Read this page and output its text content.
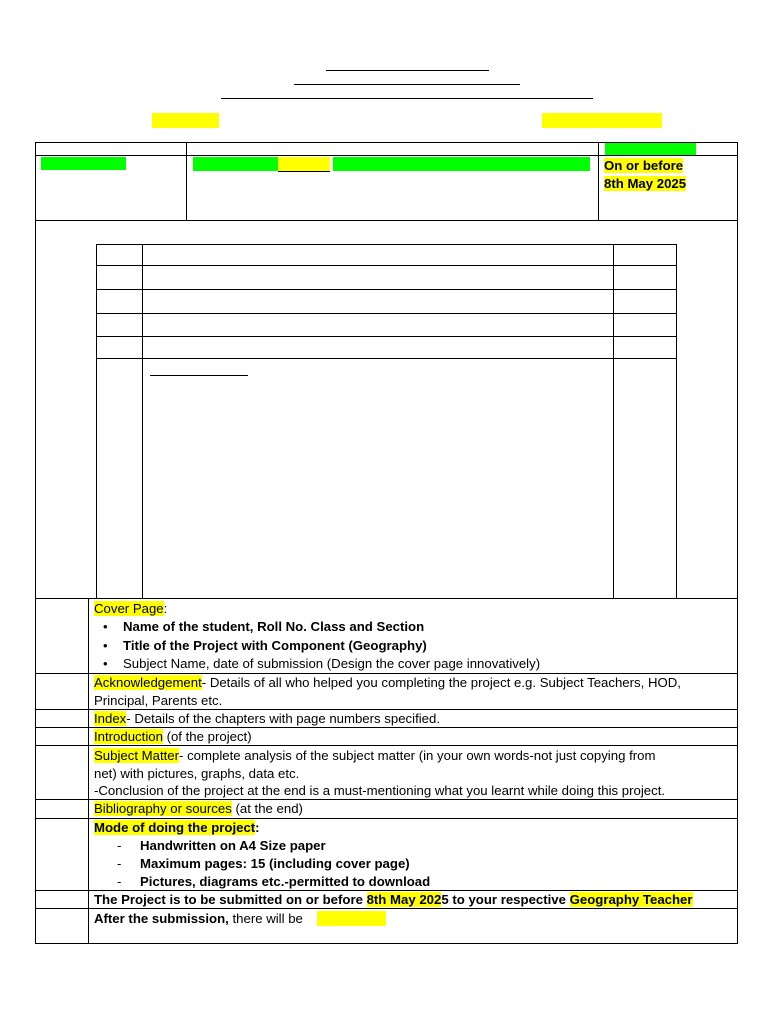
On or before
8th May 2025
Cover Page:
• Name of the student, Roll No. Class and Section
• Title of the Project with Component (Geography)
• Subject Name, date of submission (Design the cover page innovatively)
Acknowledgement- Details of all who helped you completing the project e.g. Subject Teachers, HOD,
Principal, Parents etc.
Index- Details of the chapters with page numbers specified.
Introduction (of the project)
Subject Matter- complete analysis of the subject matter (in your own words-not just copying from
net) with pictures, graphs, data etc.
-Conclusion of the project at the end is a must-mentioning what you learnt while doing this project.
Bibliography or sources (at the end)
Mode of doing the project:
- Handwritten on A4 Size paper
- Maximum pages: 15 (including cover page)
- Pictures, diagrams etc.-permitted to download
The Project is to be submitted on or before 8th May 2025 to your respective Geography Teacher
After the submission, there will be
